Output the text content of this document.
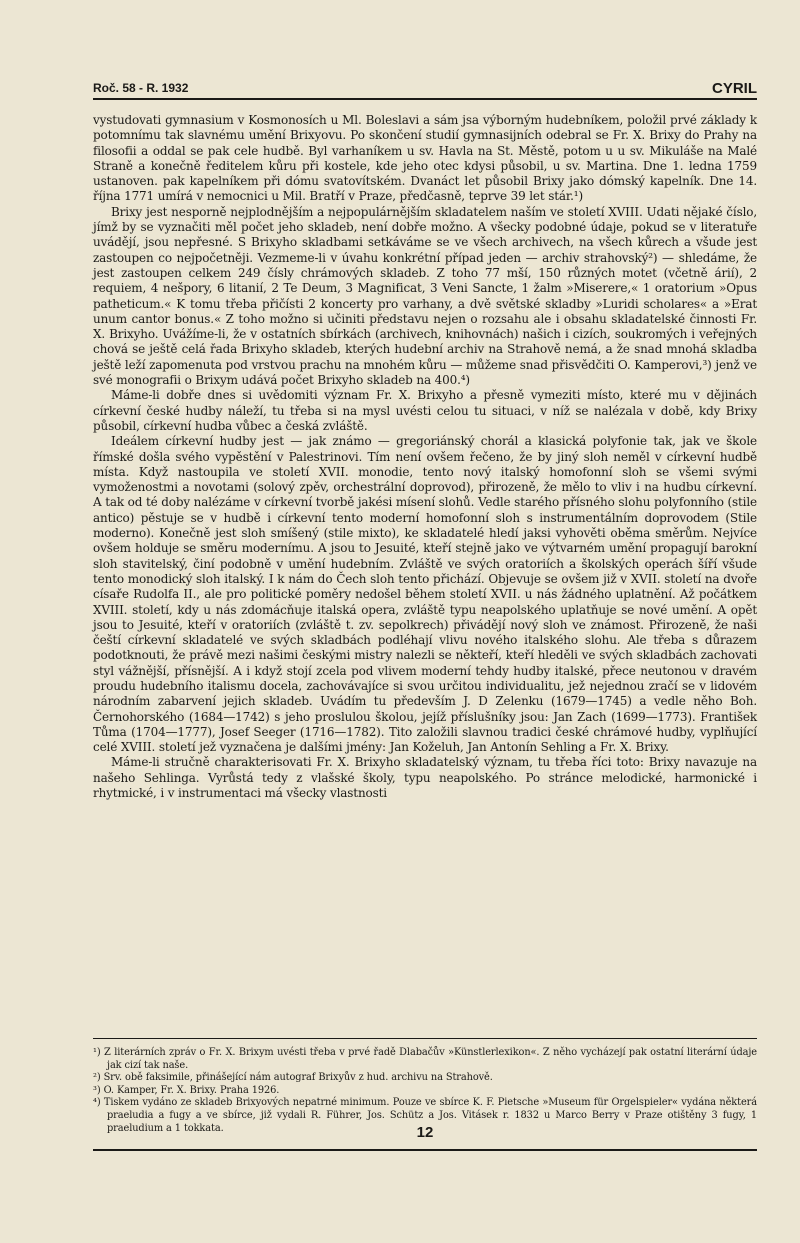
Roč. 58 - R. 1932	CYRIL

vystudovati gymnasium v Kosmonosích u Ml. Boleslavi a sám jsa výborným hudebníkem, položil prvé základy k potomnímu tak slavnému umění Brixyovu. Po skončení studií gymnasijních odebral se Fr. X. Brixy do Prahy na filosofii a oddal se pak cele hudbě. Byl varhaníkem u sv. Havla na St. Městě, potom u u sv. Mikuláše na Malé Straně a konečně ředitelem kůru při kostele, kde jeho otec kdysi působil, u sv. Martina. Dne 1. ledna 1759 ustanoven. pak kapelníkem při dómu svatovítském. Dvanáct let působil Brixy jako dómský kapelník. Dne 14. října 1771 umírá v nemocnici u Mil. Bratří v Praze, předčasně, teprve 39 let stár.¹)

Brixy jest nesporně nejplodnějším a nejpopulárnějším skladatelem naším ve století XVIII. Udati nějaké číslo, jímž by se vyznačiti měl počet jeho skladeb, není dobře možno. A všecky podobné údaje, pokud se v literatuře uvádějí, jsou nepřesné. S Brixyho skladbami setkáváme se ve všech archivech, na všech kůrech a všude jest zastoupen co nejpočetněji. Vezmeme-li v úvahu konkrétní případ jeden — archiv strahovský²) — shledáme, že jest zastoupen celkem 249 čísly chrámových skladeb. Z toho 77 mší, 150 různých motet (včetně árií), 2 requiem, 4 nešpory, 6 litanií, 2 Te Deum, 3 Magnificat, 3 Veni Sancte, 1 žalm »Miserere,« 1 oratorium »Opus patheticum.« K tomu třeba přičísti 2 koncerty pro varhany, a dvě světské skladby »Luridi scholares« a »Erat unum cantor bonus.« Z toho možno si učiniti představu nejen o rozsahu ale i obsahu skladatelské činnosti Fr. X. Brixyho. Uvážíme-li, že v ostatních sbírkách (archivech, knihovnách) našich i cizích, soukromých i veřejných chová se ještě celá řada Brixyho skladeb, kterých hudební archiv na Strahově nemá, a že snad mnohá skladba ještě leží zapomenuta pod vrstvou prachu na mnohém kůru — můžeme snad přisvědčiti O. Kamperovi,³) jenž ve své monografii o Brixym udává počet Brixyho skladeb na 400.⁴)

Máme-li dobře dnes si uvědomiti význam Fr. X. Brixyho a přesně vymeziti místo, které mu v dějinách církevní české hudby náleží, tu třeba si na mysl uvésti celou tu situaci, v níž se nalézala v době, kdy Brixy působil, církevní hudba vůbec a česká zvláště.

Ideálem církevní hudby jest — jak známo — gregoriánský chorál a klasická polyfonie tak, jak ve škole římské došla svého vypěstění v Palestrinovi. Tím není ovšem řečeno, že by jiný sloh neměl v církevní hudbě místa. Když nastoupila ve století XVII. monodie, tento nový italský homofonní sloh se všemi svými vymoženostmi a novotami (solový zpěv, orchestrální doprovod), přirozeně, že mělo to vliv i na hudbu církevní. A tak od té doby nalézáme v církevní tvorbě jakési mísení slohů. Vedle starého přísného slohu polyfonního (stile antico) pěstuje se v hudbě i církevní tento moderní homofonní sloh s instrumentálním doprovodem (Stile moderno). Konečně jest sloh smíšený (stile mixto), ke skladatelé hledí jaksi vyhověti oběma směrům. Nejvíce ovšem holduje se směru modernímu. A jsou to Jesuité, kteří stejně jako ve výtvarném umění propagují barokní sloh stavitelský, činí podobně v umění hudebním. Zvláště ve svých oratoriích a školských operách šíří všude tento monodický sloh italský. I k nám do Čech sloh tento přichází. Objevuje se ovšem již v XVII. století na dvoře císaře Rudolfa II., ale pro politické poměry nedošel během století XVII. u nás žádného uplatnění. Až počátkem XVIII. století, kdy u nás zdomácňuje italská opera, zvláště typu neapolského uplatňuje se nové umění. A opět jsou to Jesuité, kteří v oratoriích (zvláště t. zv. sepolkrech) přivádějí nový sloh ve známost. Přirozeně, že naši čeští církevní skladatelé ve svých skladbách podléhají vlivu nového italského slohu. Ale třeba s důrazem podotknouti, že právě mezi našimi českými mistry nalezli se někteří, kteří hleděli ve svých skladbách zachovati styl vážnější, přísnější. A i když stojí zcela pod vlivem moderní tehdy hudby italské, přece neutonou v dravém proudu hudebního italismu docela, zachovávajíce si svou určitou individualitu, jež nejednou zračí se v lidovém národním zabarvení jejich skladeb. Uvádím tu především J. D Zelenku (1679—1745) a vedle něho Boh. Černohorského (1684—1742) s jeho proslulou školou, jejíž příslušníky jsou: Jan Zach (1699—1773). František Tůma (1704—1777), Josef Seeger (1716—1782). Tito založili slavnou tradici české chrámové hudby, vyplňující celé XVIII. století jež vyznačena je dalšími jmény: Jan Koželuh, Jan Antonín Sehling a Fr. X. Brixy.

Máme-li stručně charakterisovati Fr. X. Brixyho skladatelský význam, tu třeba říci toto: Brixy navazuje na našeho Sehlinga. Vyrůstá tedy z vlašské školy, typu neapolského. Po stránce melodické, harmonické i rhytmické, i v instrumentaci má všecky vlastnosti

¹) Z literárních zpráv o Fr. X. Brixym uvésti třeba v prvé řadě Dlabačův »Künstlerlexikon«. Z něho vycházejí pak ostatní literární údaje jak cizí tak naše.

²) Srv. obě faksimile, přinášející nám autograf Brixyův z hud. archivu na Strahově.

³) O. Kamper, Fr. X. Brixy. Praha 1926.

⁴) Tiskem vydáno ze skladeb Brixyových nepatrné minimum. Pouze ve sbírce K. F. Pietsche »Museum für Orgelspieler« vydána některá praeludia a fugy a ve sbírce, již vydali R. Führer, Jos. Schütz a Jos. Vitásek r. 1832 u Marco Berry v Praze otištěny 3 fugy, 1 praeludium a 1 tokkata.	12
